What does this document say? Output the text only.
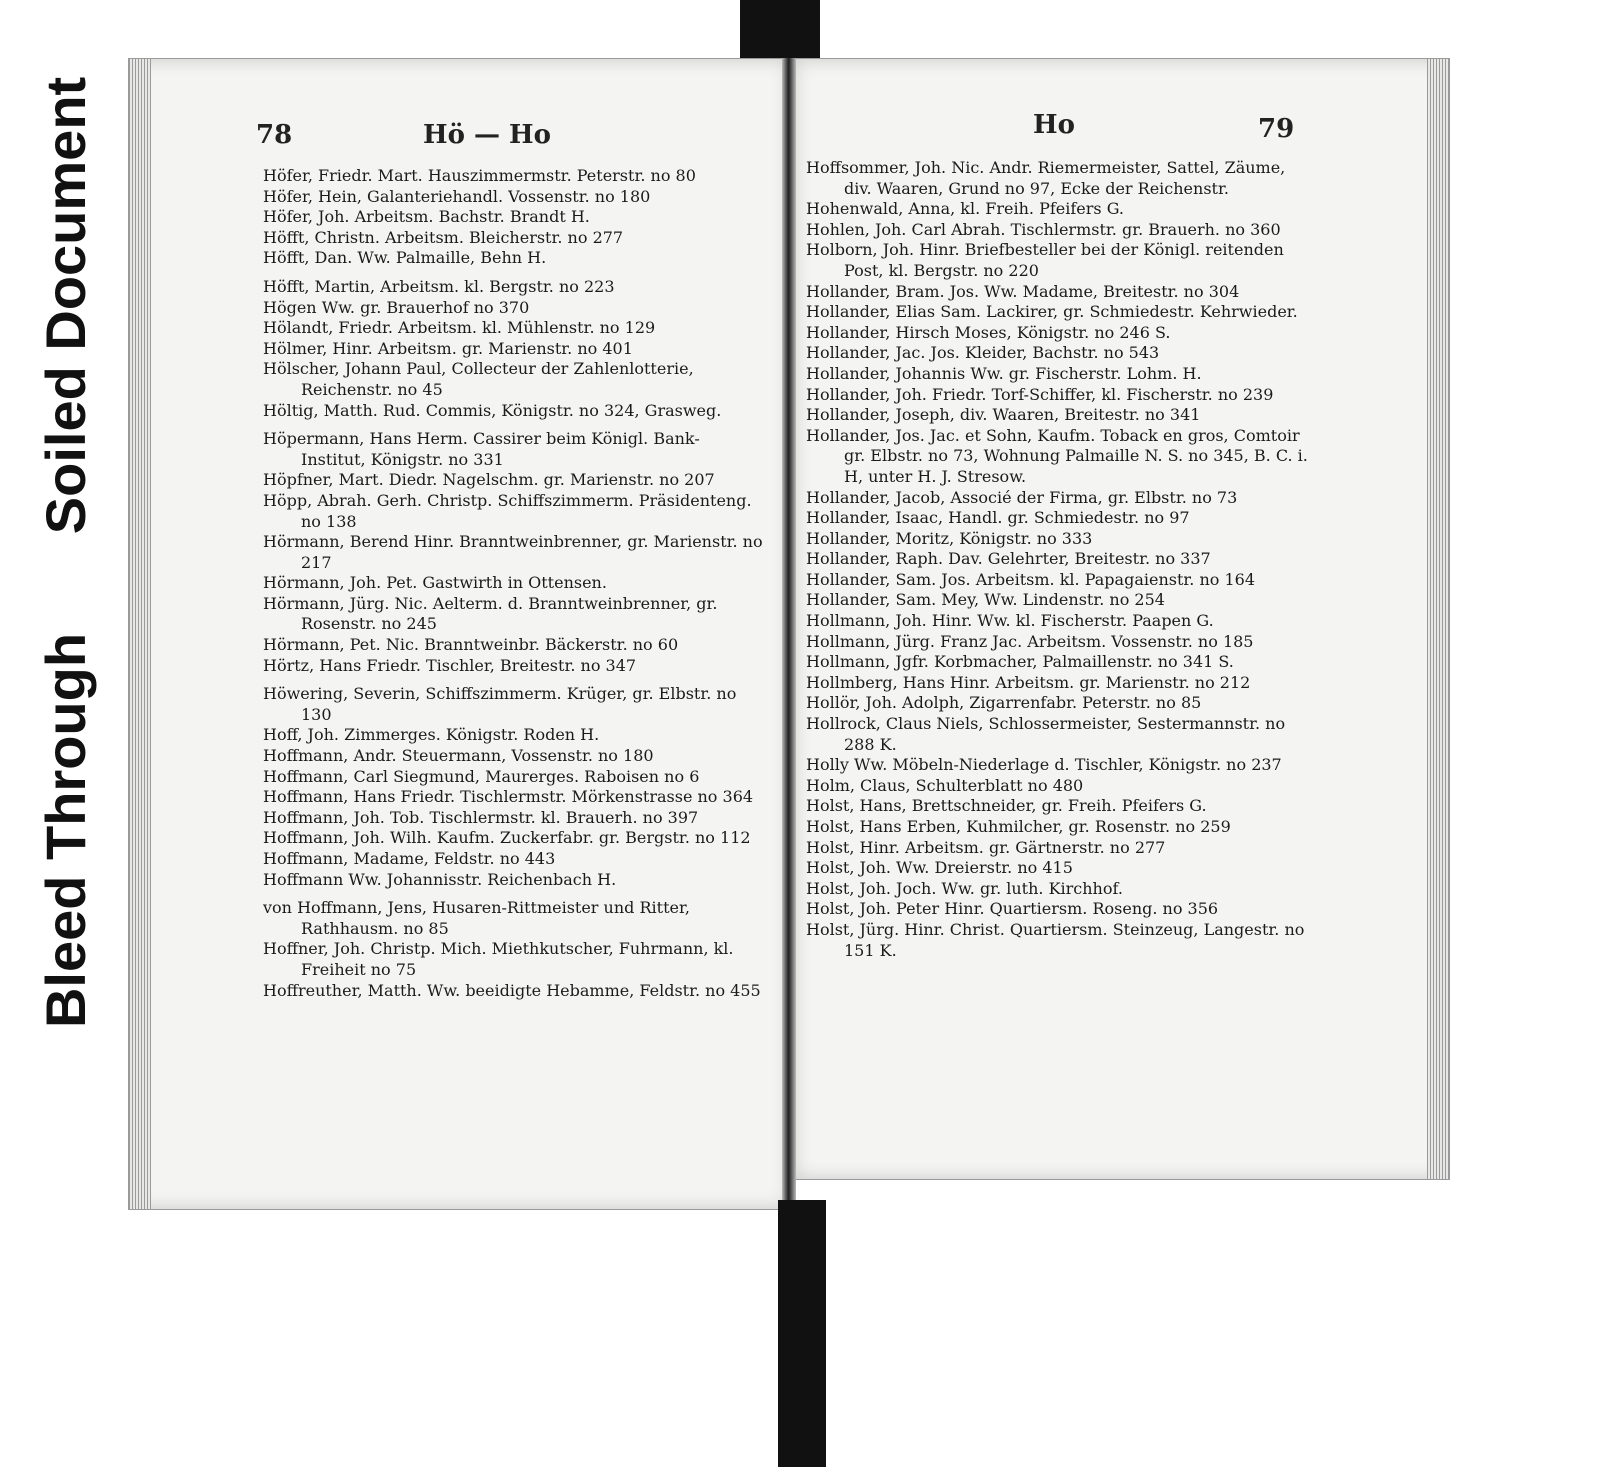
Soiled Document
Bleed Through
78	Hö — Ho	Ho	79

Höfer, Friedr. Mart. Hauszimmermstr. Peterstr. no 80

Höfer, Hein, Galanteriehandl. Vossenstr. no 180

Höfer, Joh. Arbeitsm. Bachstr. Brandt H.

Höfft, Christn. Arbeitsm. Bleicherstr. no 277

Höfft, Dan. Ww. Palmaille, Behn H.

Höfft, Martin, Arbeitsm. kl. Bergstr. no 223

Högen Ww. gr. Brauerhof no 370

Hölandt, Friedr. Arbeitsm. kl. Mühlenstr. no 129

Hölmer, Hinr. Arbeitsm. gr. Marienstr. no 401

Hölscher, Johann Paul, Collecteur der Zahlenlotterie, Reichenstr. no 45

Höltig, Matth. Rud. Commis, Königstr. no 324, Grasweg.

Höpermann, Hans Herm. Cassirer beim Königl. Bank-Institut, Königstr. no 331

Höpfner, Mart. Diedr. Nagelschm. gr. Marienstr. no 207

Höpp, Abrah. Gerh. Christp. Schiffszimmerm. Präsidenteng. no 138

Hörmann, Berend Hinr. Branntweinbrenner, gr. Marienstr. no 217

Hörmann, Joh. Pet. Gastwirth in Ottensen.

Hörmann, Jürg. Nic. Aelterm. d. Branntweinbrenner, gr. Rosenstr. no 245

Hörmann, Pet. Nic. Branntweinbr. Bäckerstr. no 60

Hörtz, Hans Friedr. Tischler, Breitestr. no 347

Höwering, Severin, Schiffszimmerm. Krüger, gr. Elbstr. no 130

Hoff, Joh. Zimmerges. Königstr. Roden H.

Hoffmann, Andr. Steuermann, Vossenstr. no 180

Hoffmann, Carl Siegmund, Maurerges. Raboisen no 6

Hoffmann, Hans Friedr. Tischlermstr. Mörkenstrasse no 364

Hoffmann, Joh. Tob. Tischlermstr. kl. Brauerh. no 397

Hoffmann, Joh. Wilh. Kaufm. Zuckerfabr. gr. Bergstr. no 112

Hoffmann, Madame, Feldstr. no 443

Hoffmann Ww. Johannisstr. Reichenbach H.

von Hoffmann, Jens, Husaren-Rittmeister und Ritter, Rathhausm. no 85

Hoffner, Joh. Christp. Mich. Miethkutscher, Fuhrmann, kl. Freiheit no 75

Hoffreuther, Matth. Ww. beeidigte Hebamme, Feldstr. no 455

Hoffsommer, Joh. Nic. Andr. Riemermeister, Sattel, Zäume, div. Waaren, Grund no 97, Ecke der Reichenstr.

Hohenwald, Anna, kl. Freih. Pfeifers G.

Hohlen, Joh. Carl Abrah. Tischlermstr. gr. Brauerh. no 360

Holborn, Joh. Hinr. Briefbesteller bei der Königl. reitenden Post, kl. Bergstr. no 220

Hollander, Bram. Jos. Ww. Madame, Breitestr. no 304

Hollander, Elias Sam. Lackirer, gr. Schmiedestr. Kehrwieder.

Hollander, Hirsch Moses, Königstr. no 246 S.

Hollander, Jac. Jos. Kleider, Bachstr. no 543

Hollander, Johannis Ww. gr. Fischerstr. Lohm. H.

Hollander, Joh. Friedr. Torf-Schiffer, kl. Fischerstr. no 239

Hollander, Joseph, div. Waaren, Breitestr. no 341

Hollander, Jos. Jac. et Sohn, Kaufm. Toback en gros, Comtoir gr. Elbstr. no 73, Wohnung Palmaille N. S. no 345, B. C. i. H, unter H. J. Stresow.

Hollander, Jacob, Associé der Firma, gr. Elbstr. no 73

Hollander, Isaac, Handl. gr. Schmiedestr. no 97

Hollander, Moritz, Königstr. no 333

Hollander, Raph. Dav. Gelehrter, Breitestr. no 337

Hollander, Sam. Jos. Arbeitsm. kl. Papagaienstr. no 164

Hollander, Sam. Mey, Ww. Lindenstr. no 254

Hollmann, Joh. Hinr. Ww. kl. Fischerstr. Paapen G.

Hollmann, Jürg. Franz Jac. Arbeitsm. Vossenstr. no 185

Hollmann, Jgfr. Korbmacher, Palmaillenstr. no 341 S.

Hollmberg, Hans Hinr. Arbeitsm. gr. Marienstr. no 212

Hollör, Joh. Adolph, Zigarrenfabr. Peterstr. no 85

Hollrock, Claus Niels, Schlossermeister, Sestermannstr. no 288 K.

Holly Ww. Möbeln-Niederlage d. Tischler, Königstr. no 237

Holm, Claus, Schulterblatt no 480

Holst, Hans, Brettschneider, gr. Freih. Pfeifers G.

Holst, Hans Erben, Kuhmilcher, gr. Rosenstr. no 259

Holst, Hinr. Arbeitsm. gr. Gärtnerstr. no 277

Holst, Joh. Ww. Dreierstr. no 415

Holst, Joh. Joch. Ww. gr. luth. Kirchhof.

Holst, Joh. Peter Hinr. Quartiersm. Roseng. no 356

Holst, Jürg. Hinr. Christ. Quartiersm. Steinzeug, Langestr. no 151 K.
